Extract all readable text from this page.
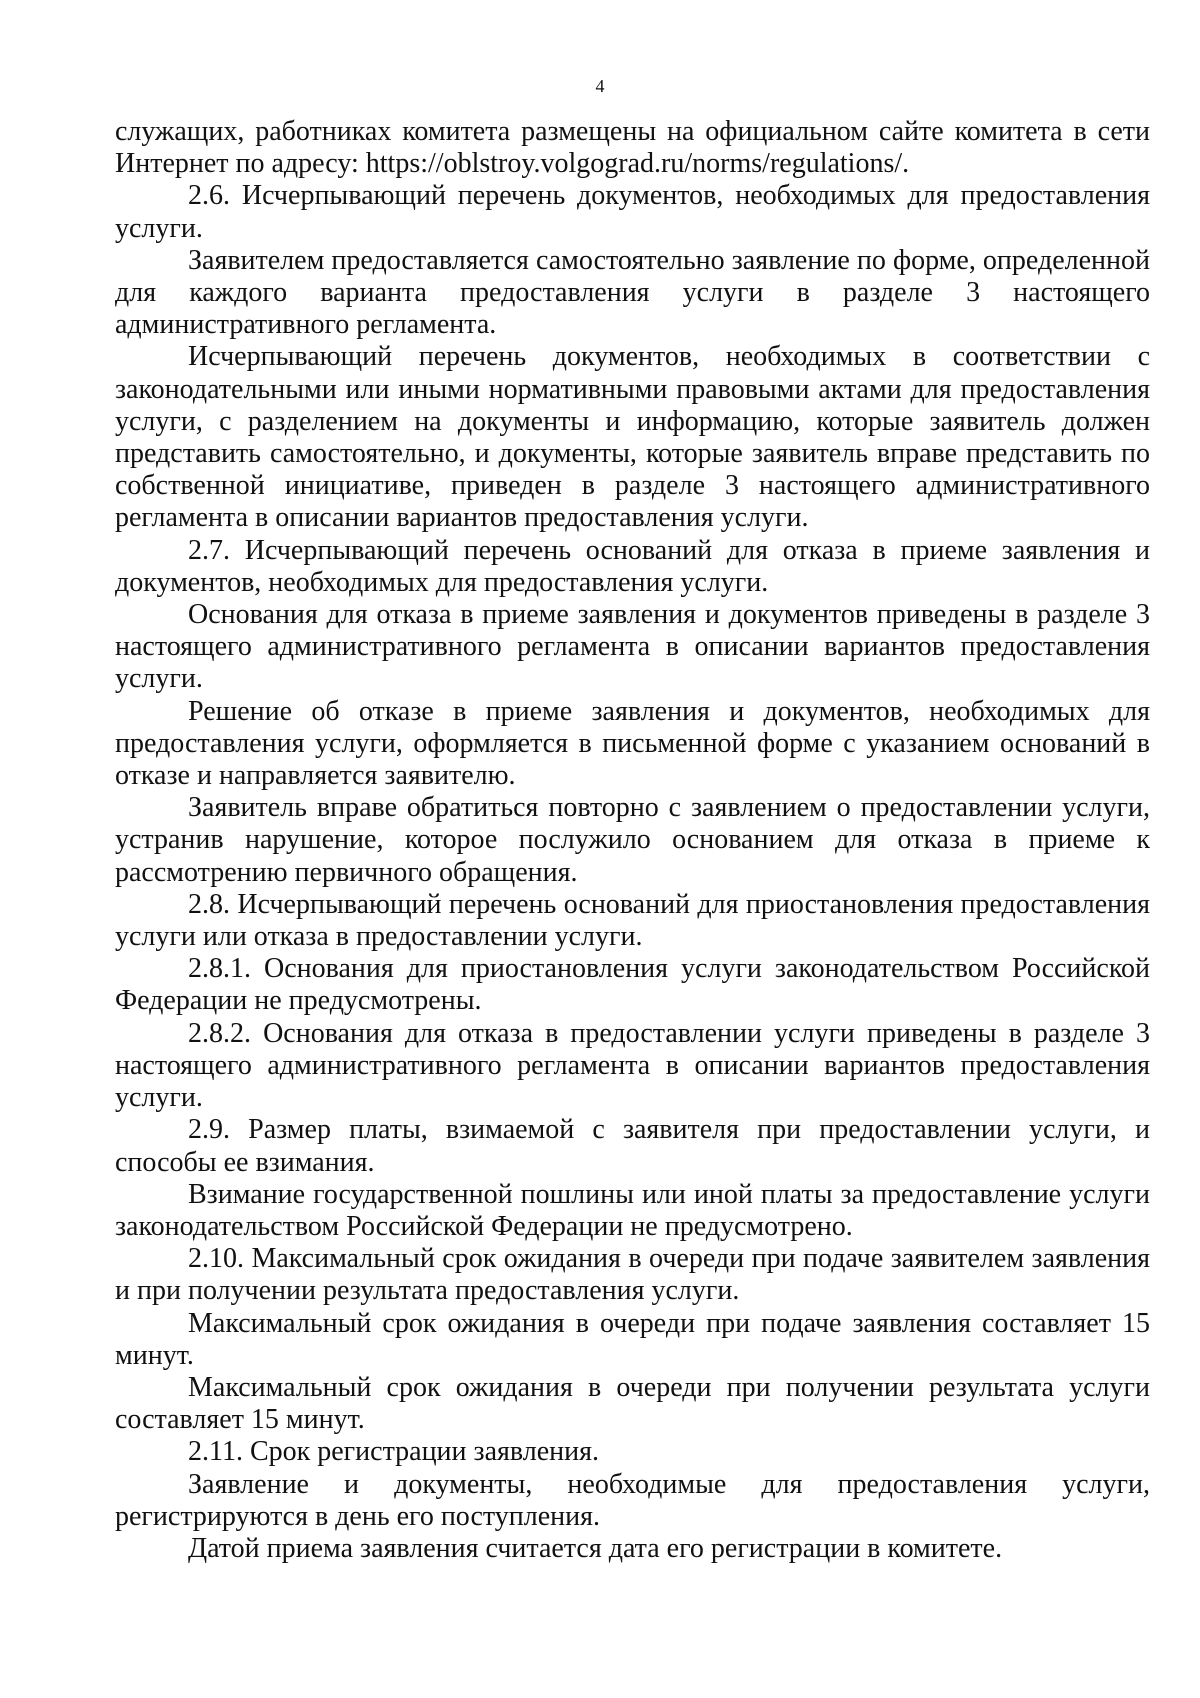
4

служащих, работниках комитета размещены на официальном сайте комитета в сети Интернет по адресу: https://oblstroy.volgograd.ru/norms/regulations/.

2.6. Исчерпывающий перечень документов, необходимых для предоставления услуги.

Заявителем предоставляется самостоятельно заявление по форме, определенной для каждого варианта предоставления услуги в разделе 3 настоящего административного регламента.

Исчерпывающий перечень документов, необходимых в соответствии с законодательными или иными нормативными правовыми актами для предоставления услуги, с разделением на документы и информацию, которые заявитель должен представить самостоятельно, и документы, которые заявитель вправе представить по собственной инициативе, приведен в разделе 3 настоящего административного регламента в описании вариантов предоставления услуги.

2.7. Исчерпывающий перечень оснований для отказа в приеме заявления и документов, необходимых для предоставления услуги.

Основания для отказа в приеме заявления и документов приведены в разделе 3 настоящего административного регламента в описании вариантов предоставления услуги.

Решение об отказе в приеме заявления и документов, необходимых для предоставления услуги, оформляется в письменной форме с указанием оснований в отказе и направляется заявителю.

Заявитель вправе обратиться повторно с заявлением о предоставлении услуги, устранив нарушение, которое послужило основанием для отказа в приеме к рассмотрению первичного обращения.

2.8. Исчерпывающий перечень оснований для приостановления предоставления услуги или отказа в предоставлении услуги.

2.8.1. Основания для приостановления услуги законодательством Российской Федерации не предусмотрены.

2.8.2. Основания для отказа в предоставлении услуги приведены в разделе 3 настоящего административного регламента в описании вариантов предоставления услуги.

2.9. Размер платы, взимаемой с заявителя при предоставлении услуги, и способы ее взимания.

Взимание государственной пошлины или иной платы за предоставление услуги законодательством Российской Федерации не предусмотрено.

2.10. Максимальный срок ожидания в очереди при подаче заявителем заявления и при получении результата предоставления услуги.

Максимальный срок ожидания в очереди при подаче заявления составляет 15 минут.

Максимальный срок ожидания в очереди при получении результата услуги составляет 15 минут.

2.11. Срок регистрации заявления.

Заявление и документы, необходимые для предоставления услуги, регистрируются в день его поступления.

Датой приема заявления считается дата его регистрации в комитете.
